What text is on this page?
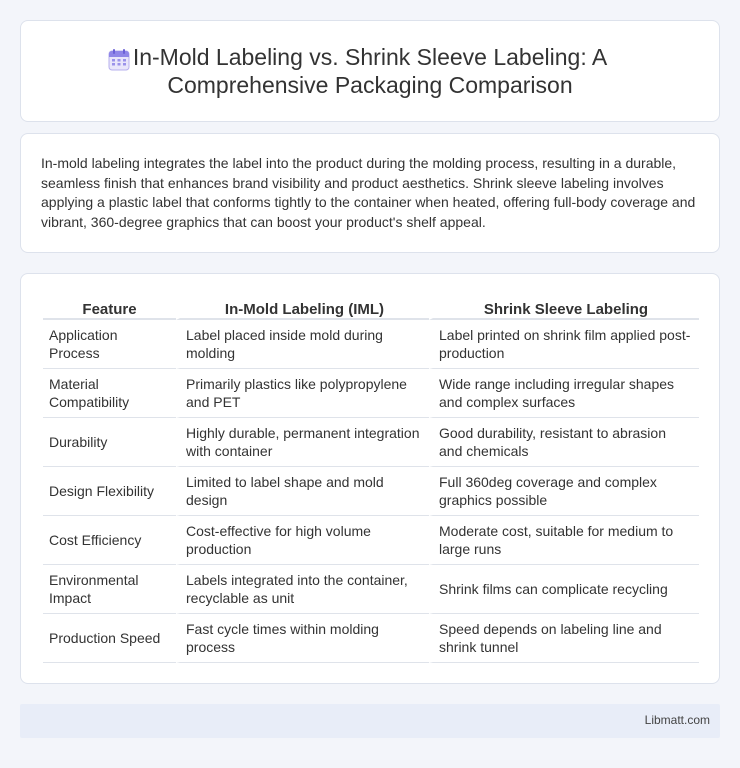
In-Mold Labeling vs. Shrink Sleeve Labeling: A Comprehensive Packaging Comparison

In-mold labeling integrates the label into the product during the molding process, resulting in a durable, seamless finish that enhances brand visibility and product aesthetics. Shrink sleeve labeling involves applying a plastic label that conforms tightly to the container when heated, offering full-body coverage and vibrant, 360-degree graphics that can boost your product's shelf appeal.

Feature	In-Mold Labeling (IML)	Shrink Sleeve Labeling
Application Process	Label placed inside mold during molding	Label printed on shrink film applied post-production
Material Compatibility	Primarily plastics like polypropylene and PET	Wide range including irregular shapes and complex surfaces
Durability	Highly durable, permanent integration with container	Good durability, resistant to abrasion and chemicals
Design Flexibility	Limited to label shape and mold design	Full 360deg coverage and complex graphics possible
Cost Efficiency	Cost-effective for high volume production	Moderate cost, suitable for medium to large runs
Environmental Impact	Labels integrated into the container, recyclable as unit	Shrink films can complicate recycling
Production Speed	Fast cycle times within molding process	Speed depends on labeling line and shrink tunnel
Libmatt.com
